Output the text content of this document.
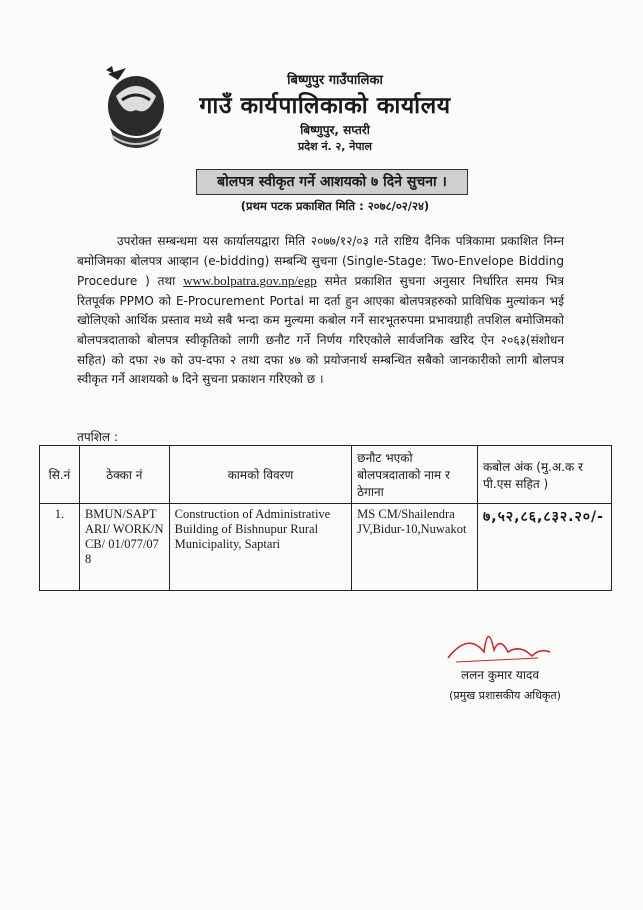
बिष्णुपुर गाउँपालिका
गाउँ कार्यपालिकाको कार्यालय
बिष्णुपुर, सप्तरी
प्रदेश नं. २, नेपाल
बोलपत्र स्वीकृत गर्ने आशयको ७ दिने सुचना ।
(प्रथम पटक प्रकाशित मिति : २०७८/०२/२४)
उपरोक्त सम्बन्धमा यस कार्यालयद्वारा मिति २०७७/१२/०३ गते राष्टिय दैनिक पत्रिकामा प्रकाशित निम्न बमोजिमका बोलपत्र आव्हान (e-bidding) सम्बन्धि सुचना (Single-Stage: Two-Envelope Bidding Procedure ) तथा www.bolpatra.gov.np/egp समेत प्रकाशित सुचना अनुसार निर्धारित समय भित्र रितपूर्वक PPMO को E-Procurement Portal मा दर्ता हुन आएका बोलपत्रहरुको प्राविधिक मुल्यांकन भई खोलिएको आर्थिक प्रस्ताव मध्ये सबै भन्दा कम मुल्यमा कबोल गर्ने सारभूतरुपमा प्रभावग्राही तपशिल बमोजिमको बोलपत्रदाताको बोलपत्र स्वीकृतिको लागी छनौट गर्ने निर्णय गरिएकोले सार्वजनिक खरिद ऐन २०६३(संशोधन सहित) को दफा २७ को उप-दफा २ तथा दफा ४७ को प्रयोजनार्थ सम्बन्धित सबैको जानकारीको लागी बोलपत्र स्वीकृत गर्ने आशयको ७ दिने सुचना प्रकाशन गरिएको छ ।
तपशिल :
सि.नं	ठेक्का नं	कामको विवरण	छनौट भएको बोलपत्रदाताको नाम र ठेगाना	कबोल अंक (मु.अ.क र पी.एस सहित )
1.	BMUN/SAPTARI/ WORK/NCB/ 01/077/078	Construction of Administrative Building of Bishnupur Rural Municipality, Saptari	MS CM/Shailendra JV,Bidur-10,Nuwakot	७,५२,८६,८३२.२०/-
ललन कुमार यादव
(प्रमुख प्रशासकीय अधिकृत)
